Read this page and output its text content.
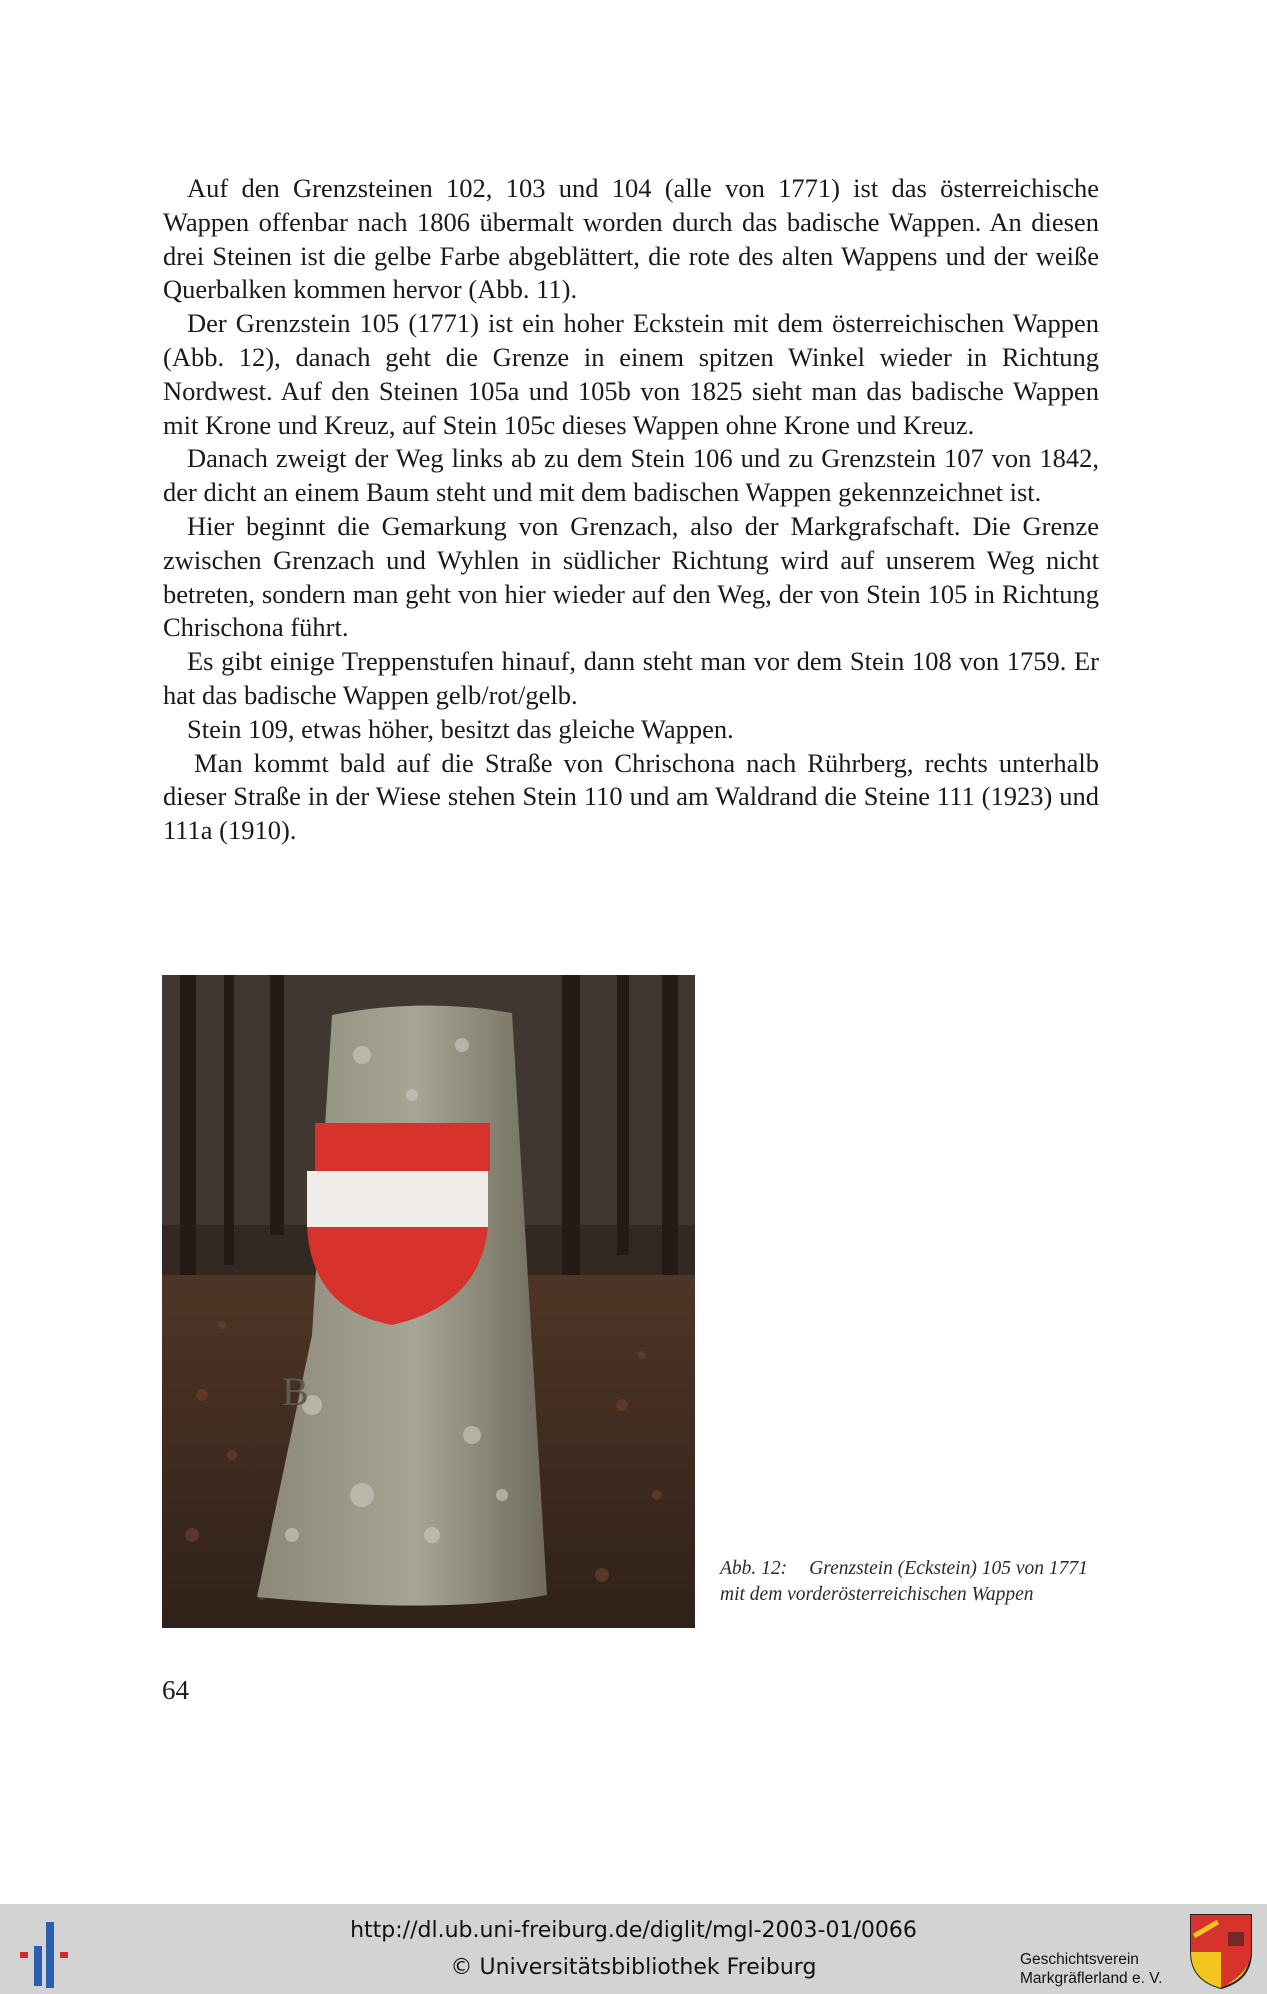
Auf den Grenzsteinen 102, 103 und 104 (alle von 1771) ist das österreichische Wappen offenbar nach 1806 übermalt worden durch das badische Wappen. An diesen drei Steinen ist die gelbe Farbe abgeblättert, die rote des alten Wappens und der weiße Querbalken kommen hervor (Abb. 11).

Der Grenzstein 105 (1771) ist ein hoher Eckstein mit dem österreichischen Wappen (Abb. 12), danach geht die Grenze in einem spitzen Winkel wieder in Richtung Nordwest. Auf den Steinen 105a und 105b von 1825 sieht man das badische Wappen mit Krone und Kreuz, auf Stein 105c dieses Wappen ohne Krone und Kreuz.

Danach zweigt der Weg links ab zu dem Stein 106 und zu Grenzstein 107 von 1842, der dicht an einem Baum steht und mit dem badischen Wappen gekennzeichnet ist.

Hier beginnt die Gemarkung von Grenzach, also der Markgrafschaft. Die Grenze zwischen Grenzach und Wyhlen in südlicher Richtung wird auf unserem Weg nicht betreten, sondern man geht von hier wieder auf den Weg, der von Stein 105 in Richtung Chrischona führt.

Es gibt einige Treppenstufen hinauf, dann steht man vor dem Stein 108 von 1759. Er hat das badische Wappen gelb/rot/gelb.

Stein 109, etwas höher, besitzt das gleiche Wappen.

Man kommt bald auf die Straße von Chrischona nach Rührberg, rechts unterhalb dieser Straße in der Wiese stehen Stein 110 und am Waldrand die Steine 111 (1923) und 111a (1910).

B
Abb. 12: Grenzstein (Eckstein) 105 von 1771 mit dem vorderösterreichischen Wappen
64
http://dl.ub.uni-freiburg.de/diglit/mgl-2003-01/0066
© Universitätsbibliothek Freiburg	Geschichtsverein
Markgräflerland e. V.
